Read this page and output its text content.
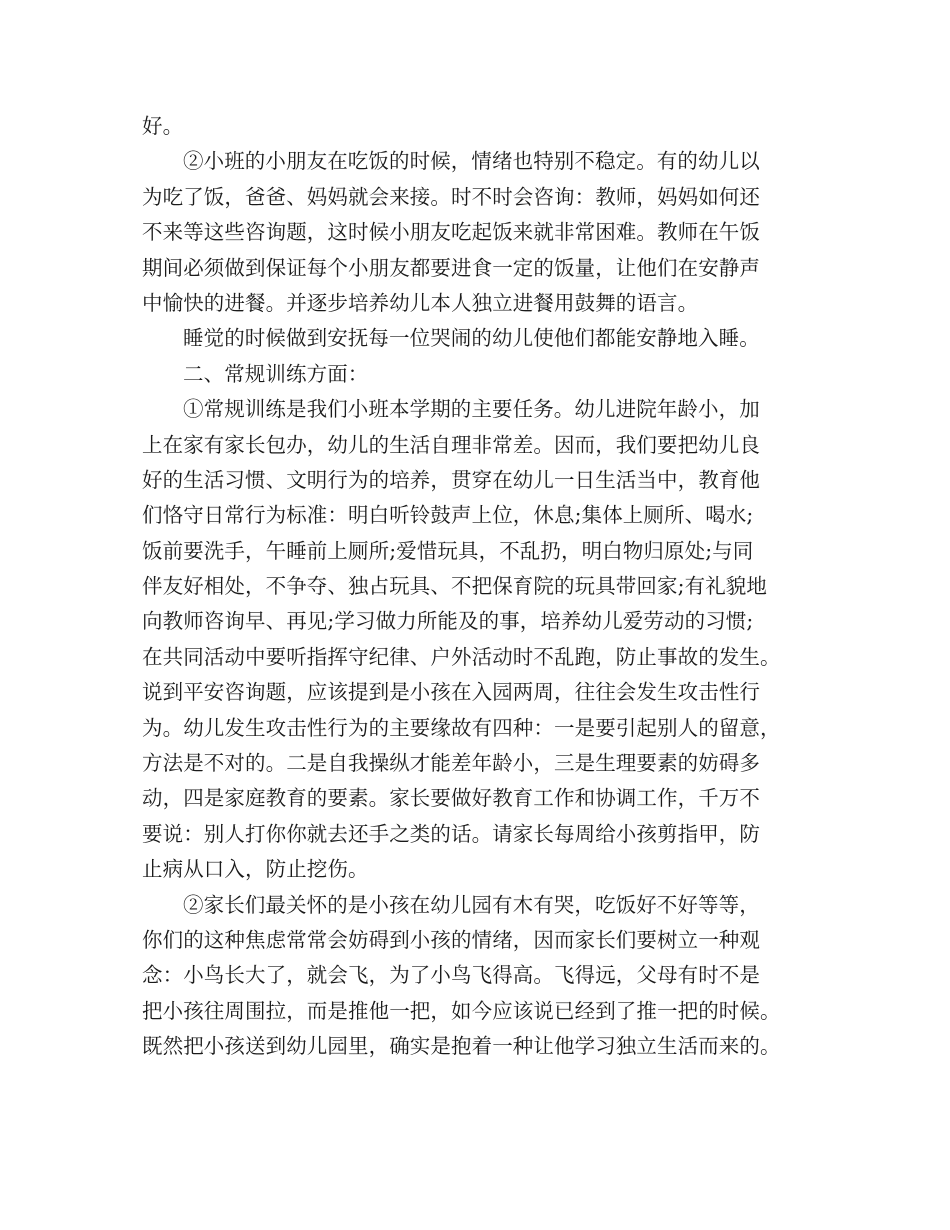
好。
②小班的小朋友在吃饭的时候，情绪也特别不稳定。有的幼儿以
为吃了饭，爸爸、妈妈就会来接。时不时会咨询：教师，妈妈如何还
不来等这些咨询题，这时候小朋友吃起饭来就非常困难。教师在午饭
期间必须做到保证每个小朋友都要进食一定的饭量，让他们在安静声
中愉快的进餐。并逐步培养幼儿本人独立进餐用鼓舞的语言。
睡觉的时候做到安抚每一位哭闹的幼儿使他们都能安静地入睡。
二、常规训练方面：
①常规训练是我们小班本学期的主要任务。幼儿进院年龄小，加
上在家有家长包办，幼儿的生活自理非常差。因而，我们要把幼儿良
好的生活习惯、文明行为的培养，贯穿在幼儿一日生活当中，教育他
们恪守日常行为标准：明白听铃鼓声上位，休息;集体上厕所、喝水;
饭前要洗手，午睡前上厕所;爱惜玩具，不乱扔，明白物归原处;与同
伴友好相处，不争夺、独占玩具、不把保育院的玩具带回家;有礼貌地
向教师咨询早、再见;学习做力所能及的事，培养幼儿爱劳动的习惯;
在共同活动中要听指挥守纪律、户外活动时不乱跑，防止事故的发生。
说到平安咨询题，应该提到是小孩在入园两周，往往会发生攻击性行
为。幼儿发生攻击性行为的主要缘故有四种：一是要引起别人的留意，
方法是不对的。二是自我操纵才能差年龄小，三是生理要素的妨碍多
动，四是家庭教育的要素。家长要做好教育工作和协调工作，千万不
要说：别人打你你就去还手之类的话。请家长每周给小孩剪指甲，防
止病从口入，防止挖伤。
②家长们最关怀的是小孩在幼儿园有木有哭，吃饭好不好等等，
你们的这种焦虑常常会妨碍到小孩的情绪，因而家长们要树立一种观
念：小鸟长大了，就会飞，为了小鸟飞得高。飞得远，父母有时不是
把小孩往周围拉，而是推他一把，如今应该说已经到了推一把的时候。
既然把小孩送到幼儿园里，确实是抱着一种让他学习独立生活而来的。
